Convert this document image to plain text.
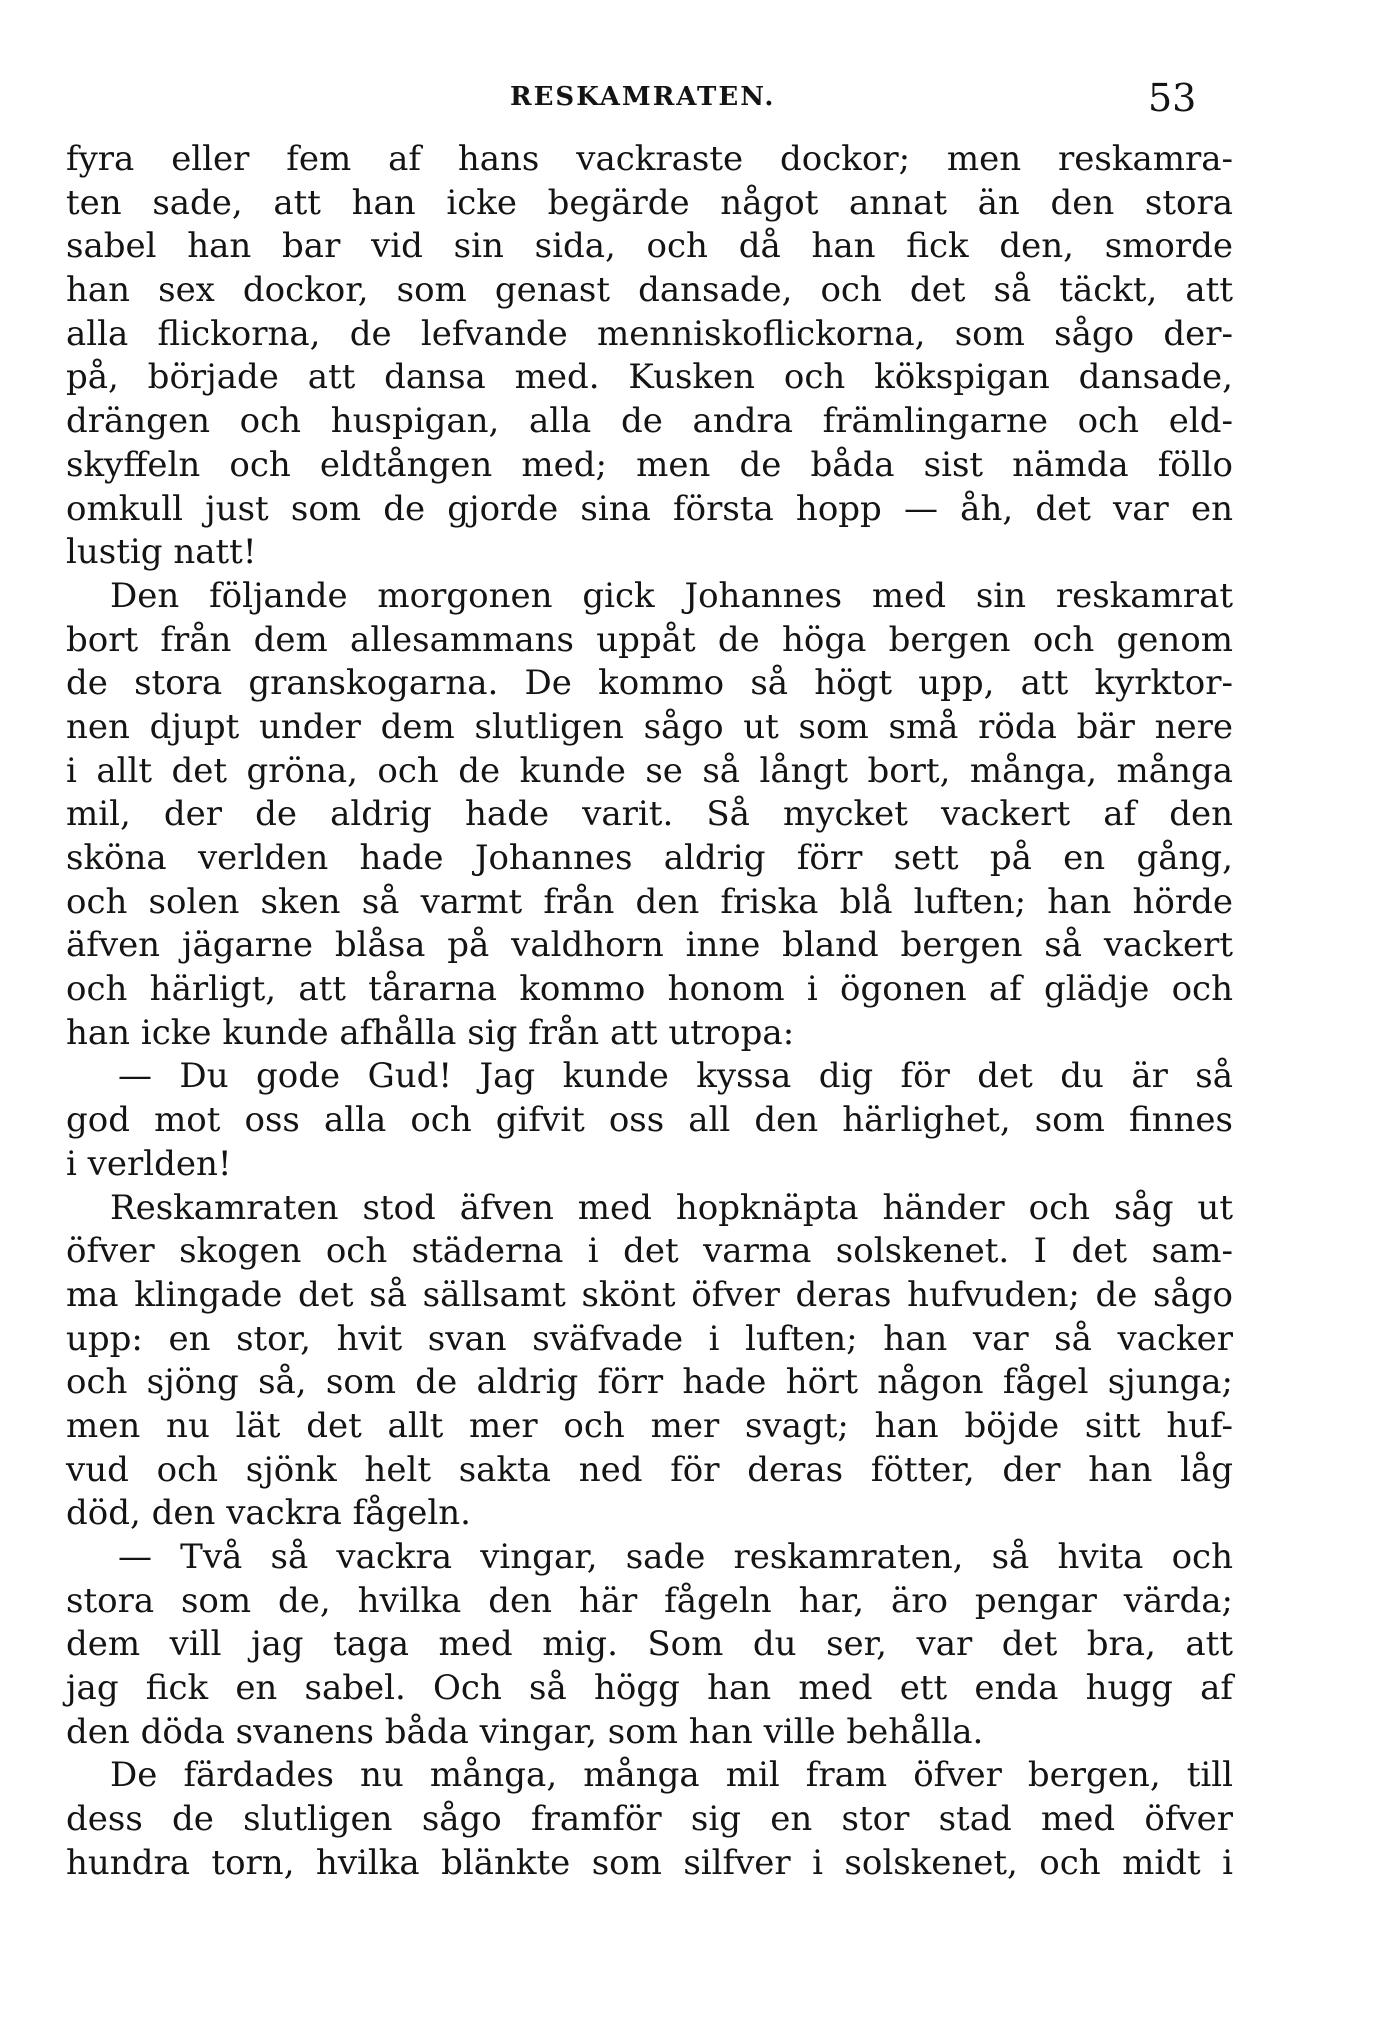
RESKAMRATEN.	53
fyra eller fem af hans vackraste dockor; men reskamra-
ten sade, att han icke begärde något annat än den stora
sabel han bar vid sin sida, och då han fick den, smorde
han sex dockor, som genast dansade, och det så täckt, att
alla flickorna, de lefvande menniskoflickorna, som sågo der-
på, började att dansa med. Kusken och kökspigan dansade,
drängen och huspigan, alla de andra främlingarne och eld-
skyffeln och eldtången med; men de båda sist nämda föllo
omkull just som de gjorde sina första hopp — åh, det var en
lustig natt!
Den följande morgonen gick Johannes med sin reskamrat
bort från dem allesammans uppåt de höga bergen och genom
de stora granskogarna. De kommo så högt upp, att kyrktor-
nen djupt under dem slutligen sågo ut som små röda bär nere
i allt det gröna, och de kunde se så långt bort, många, många
mil, der de aldrig hade varit. Så mycket vackert af den
sköna verlden hade Johannes aldrig förr sett på en gång,
och solen sken så varmt från den friska blå luften; han hörde
äfven jägarne blåsa på valdhorn inne bland bergen så vackert
och härligt, att tårarna kommo honom i ögonen af glädje och
han icke kunde afhålla sig från att utropa:
— Du gode Gud! Jag kunde kyssa dig för det du är så
god mot oss alla och gifvit oss all den härlighet, som finnes
i verlden!
Reskamraten stod äfven med hopknäpta händer och såg ut
öfver skogen och städerna i det varma solskenet. I det sam-
ma klingade det så sällsamt skönt öfver deras hufvuden; de sågo
upp: en stor, hvit svan sväfvade i luften; han var så vacker
och sjöng så, som de aldrig förr hade hört någon fågel sjunga;
men nu lät det allt mer och mer svagt; han böjde sitt huf-
vud och sjönk helt sakta ned för deras fötter, der han låg
död, den vackra fågeln.
— Två så vackra vingar, sade reskamraten, så hvita och
stora som de, hvilka den här fågeln har, äro pengar värda;
dem vill jag taga med mig. Som du ser, var det bra, att
jag fick en sabel. Och så högg han med ett enda hugg af
den döda svanens båda vingar, som han ville behålla.
De färdades nu många, många mil fram öfver bergen, till
dess de slutligen sågo framför sig en stor stad med öfver
hundra torn, hvilka blänkte som silfver i solskenet, och midt i
